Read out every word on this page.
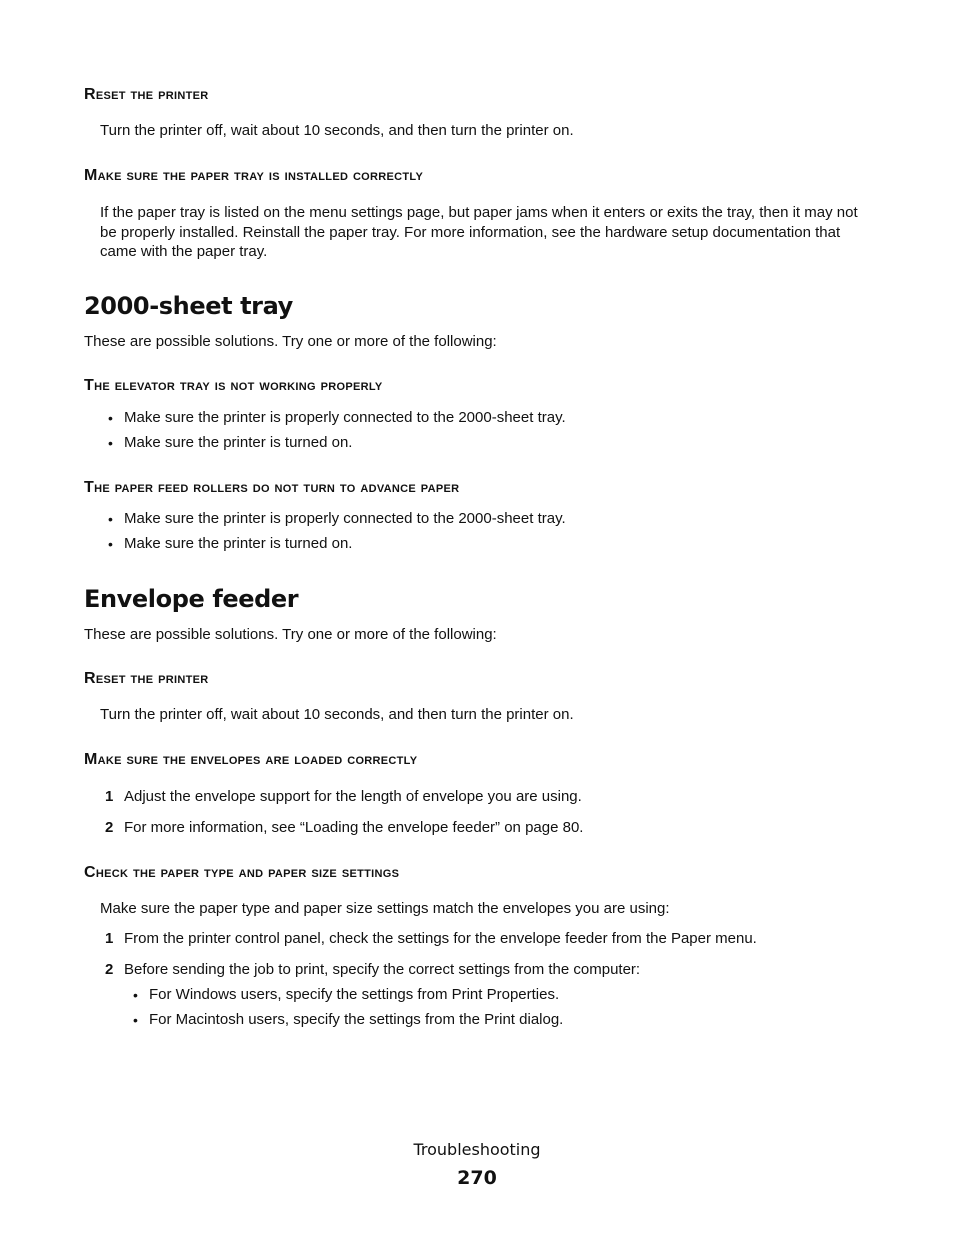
Reset the printer
Turn the printer off, wait about 10 seconds, and then turn the printer on.
Make sure the paper tray is installed correctly
If the paper tray is listed on the menu settings page, but paper jams when it enters or exits the tray, then it may not be properly installed. Reinstall the paper tray. For more information, see the hardware setup documentation that came with the paper tray.
2000-sheet tray
These are possible solutions. Try one or more of the following:
The elevator tray is not working properly
• Make sure the printer is properly connected to the 2000-sheet tray.
• Make sure the printer is turned on.
The paper feed rollers do not turn to advance paper
• Make sure the printer is properly connected to the 2000-sheet tray.
• Make sure the printer is turned on.
Envelope feeder
These are possible solutions. Try one or more of the following:
Reset the printer
Turn the printer off, wait about 10 seconds, and then turn the printer on.
Make sure the envelopes are loaded correctly
1 Adjust the envelope support for the length of envelope you are using.
2 For more information, see “Loading the envelope feeder” on page 80.
Check the paper type and paper size settings
Make sure the paper type and paper size settings match the envelopes you are using:
1 From the printer control panel, check the settings for the envelope feeder from the Paper menu.
2 Before sending the job to print, specify the correct settings from the computer:
• For Windows users, specify the settings from Print Properties.
• For Macintosh users, specify the settings from the Print dialog.
Troubleshooting
270
